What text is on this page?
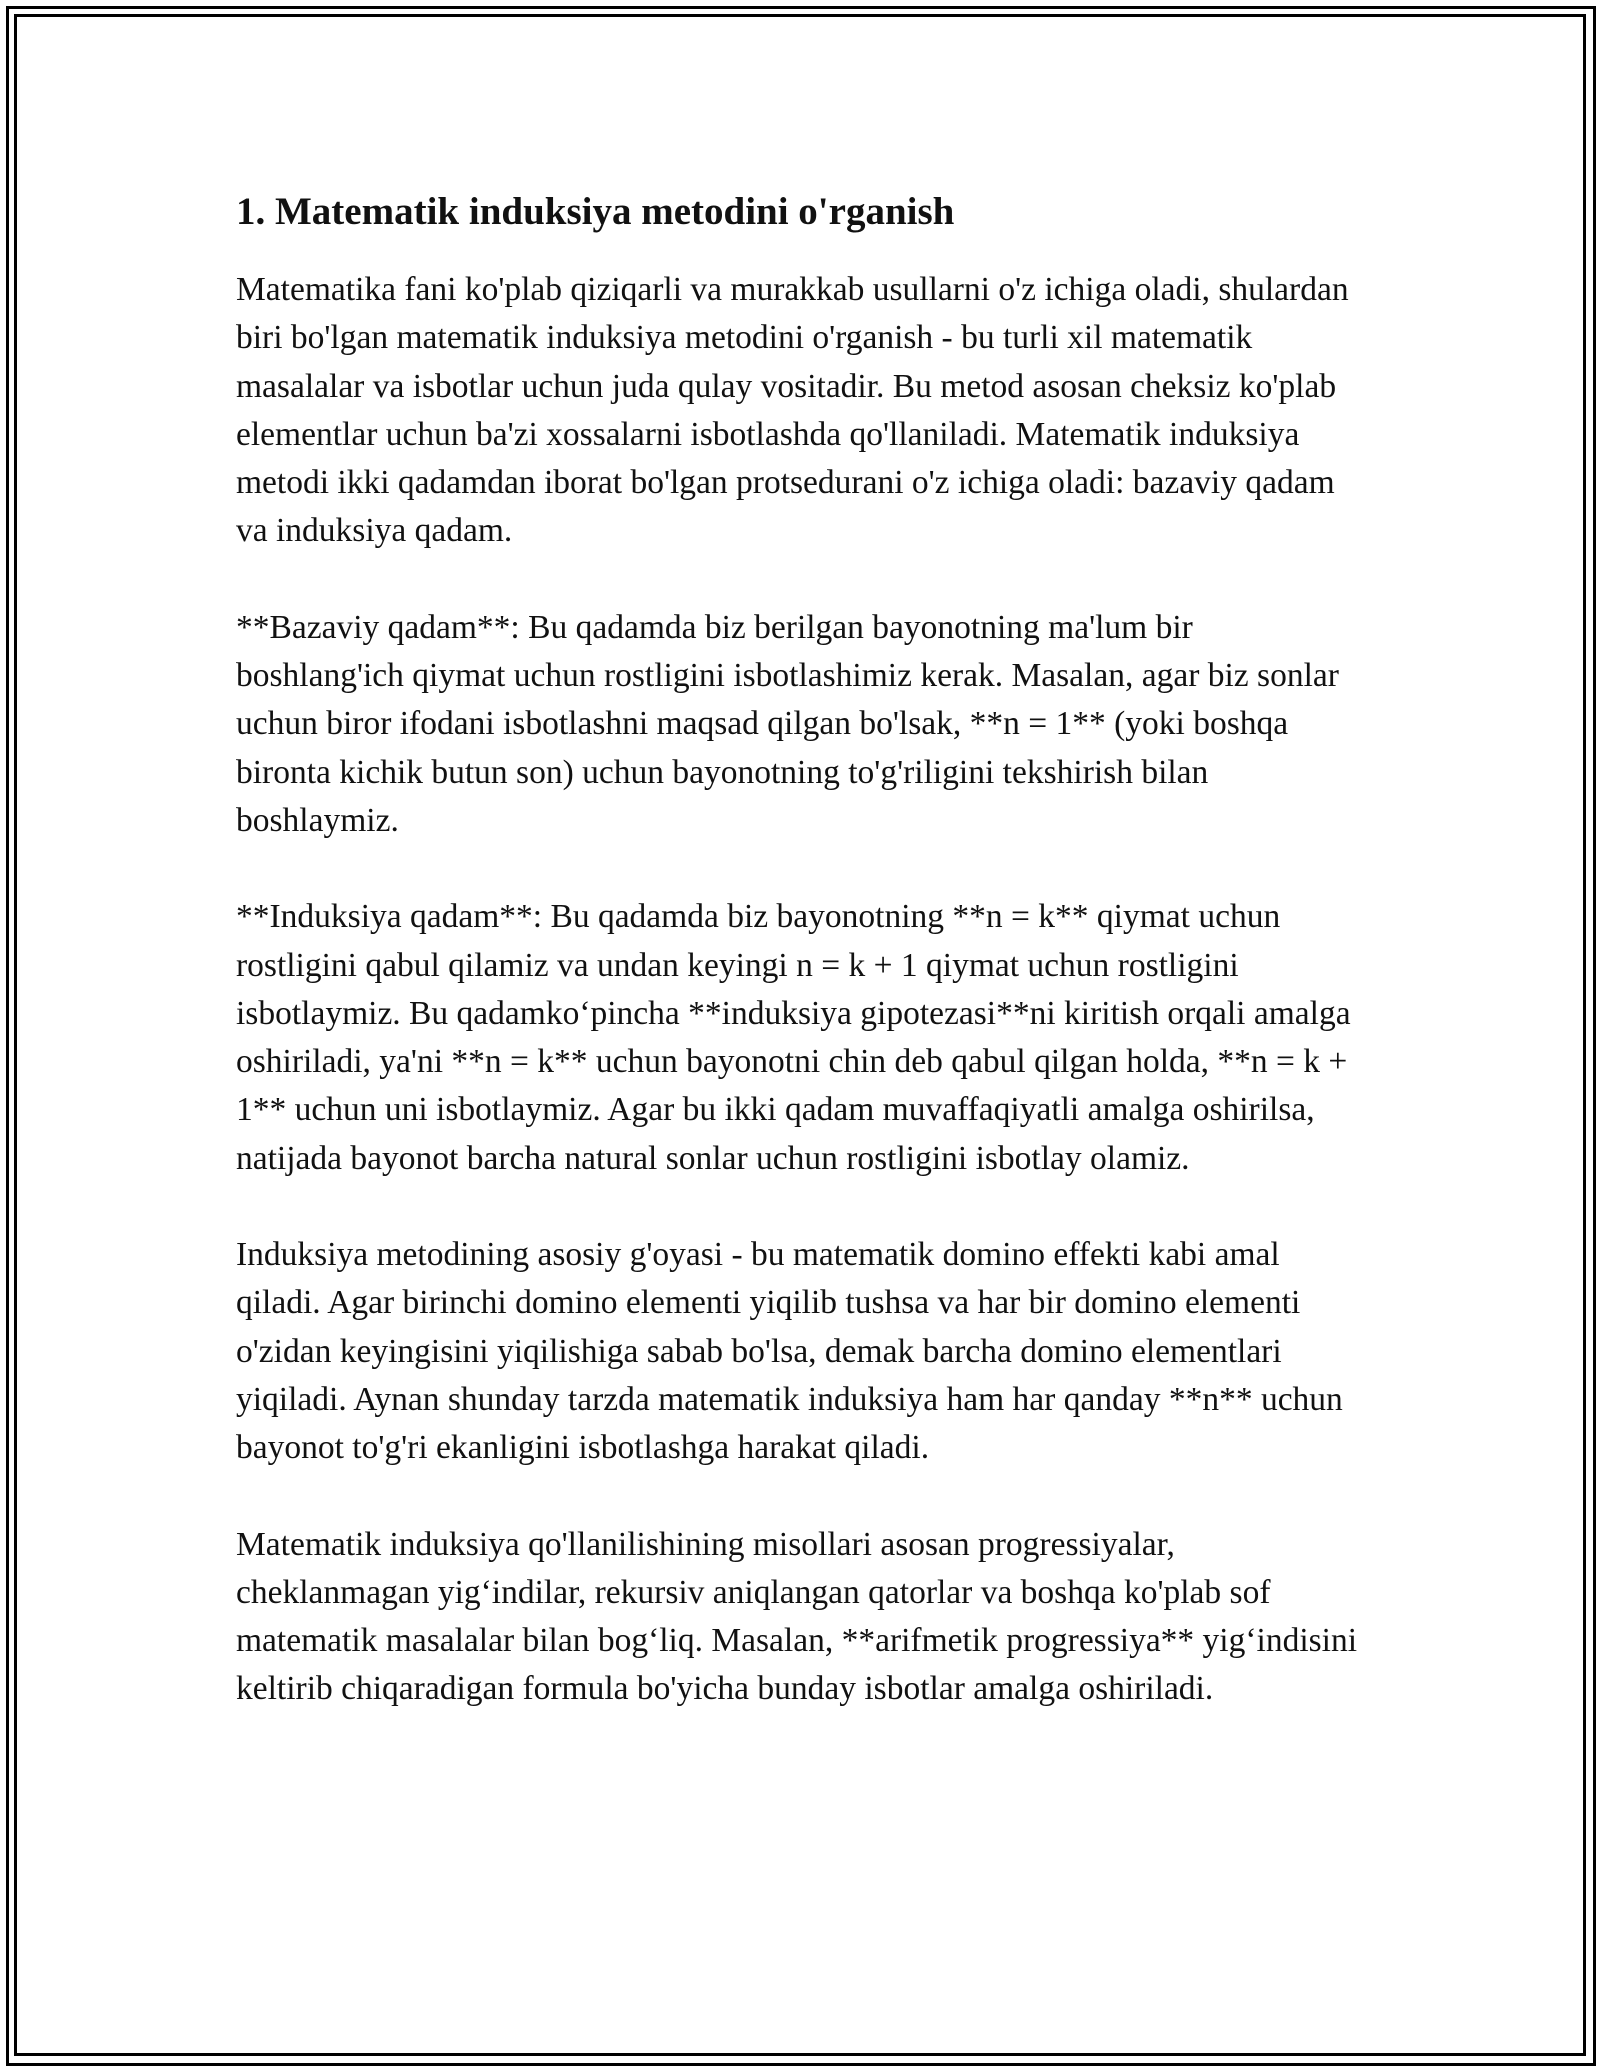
1. Matematik induksiya metodini o'rganish

Matematika fani ko'plab qiziqarli va murakkab usullarni o'z ichiga oladi, shulardan biri bo'lgan matematik induksiya metodini o'rganish - bu turli xil matematik masalalar va isbotlar uchun juda qulay vositadir. Bu metod asosan cheksiz ko'plab elementlar uchun ba'zi xossalarni isbotlashda qo'llaniladi. Matematik induksiya metodi ikki qadamdan iborat bo'lgan protsedurani o'z ichiga oladi: bazaviy qadam va induksiya qadam.

**Bazaviy qadam**: Bu qadamda biz berilgan bayonotning ma'lum bir boshlang'ich qiymat uchun rostligini isbotlashimiz kerak. Masalan, agar biz sonlar uchun biror ifodani isbotlashni maqsad qilgan bo'lsak, **n = 1** (yoki boshqa bironta kichik butun son) uchun bayonotning to'g'riligini tekshirish bilan boshlaymiz.

**Induksiya qadam**: Bu qadamda biz bayonotning **n = k** qiymat uchun rostligini qabul qilamiz va undan keyingi n = k + 1 qiymat uchun rostligini isbotlaymiz. Bu qadamko‘pincha **induksiya gipotezasi**ni kiritish orqali amalga oshiriladi, ya'ni **n = k** uchun bayonotni chin deb qabul qilgan holda, **n = k + 1** uchun uni isbotlaymiz. Agar bu ikki qadam muvaffaqiyatli amalga oshirilsa, natijada bayonot barcha natural sonlar uchun rostligini isbotlay olamiz.

Induksiya metodining asosiy g'oyasi - bu matematik domino effekti kabi amal qiladi. Agar birinchi domino elementi yiqilib tushsa va har bir domino elementi o'zidan keyingisini yiqilishiga sabab bo'lsa, demak barcha domino elementlari yiqiladi. Aynan shunday tarzda matematik induksiya ham har qanday **n** uchun bayonot to'g'ri ekanligini isbotlashga harakat qiladi.

Matematik induksiya qo'llanilishining misollari asosan progressiyalar, cheklanmagan yig‘indilar, rekursiv aniqlangan qatorlar va boshqa ko'plab sof matematik masalalar bilan bog‘liq. Masalan, **arifmetik progressiya** yig‘indisini keltirib chiqaradigan formula bo'yicha bunday isbotlar amalga oshiriladi.
